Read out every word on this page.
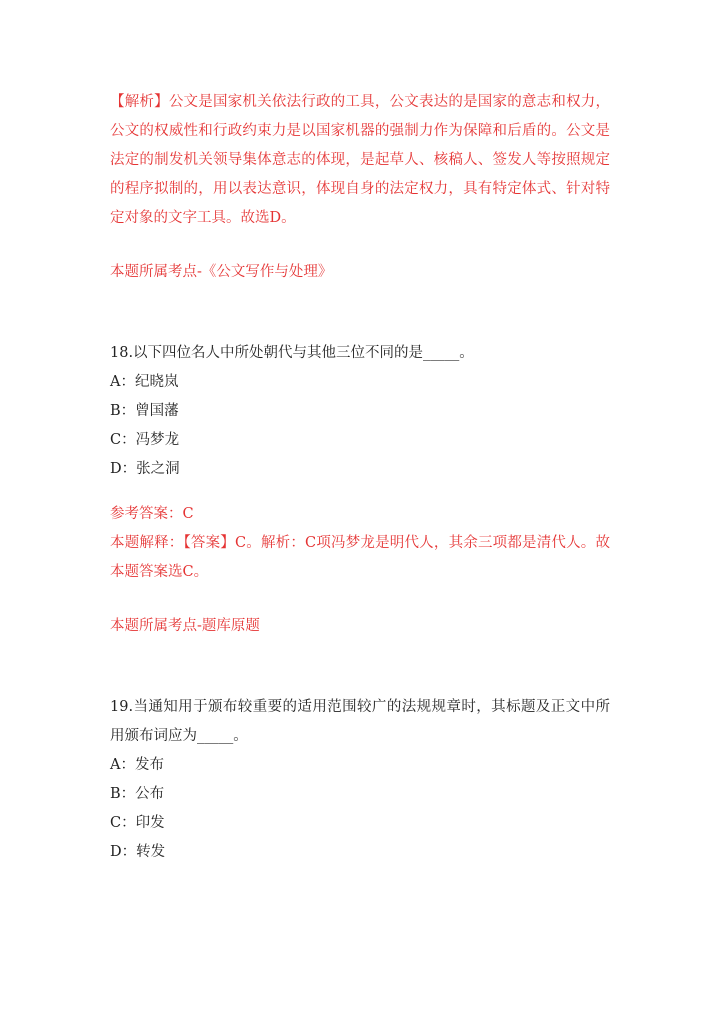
【解析】公文是国家机关依法行政的工具，公文表达的是国家的意志和权力，公文的权威性和行政约束力是以国家机器的强制力作为保障和后盾的。公文是法定的制发机关领导集体意志的体现，是起草人、核稿人、签发人等按照规定的程序拟制的，用以表达意识，体现自身的法定权力，具有特定体式、针对特定对象的文字工具。故选D。

本题所属考点-《公文写作与处理》

18.以下四位名人中所处朝代与其他三位不同的是_____。

A：纪晓岚

B：曾国藩

C：冯梦龙

D：张之洞

参考答案：C

本题解释：【答案】C。解析：C项冯梦龙是明代人，其余三项都是清代人。故本题答案选C。

本题所属考点-题库原题

19.当通知用于颁布较重要的适用范围较广的法规规章时，其标题及正文中所用颁布词应为_____。

A：发布

B：公布

C：印发

D：转发
